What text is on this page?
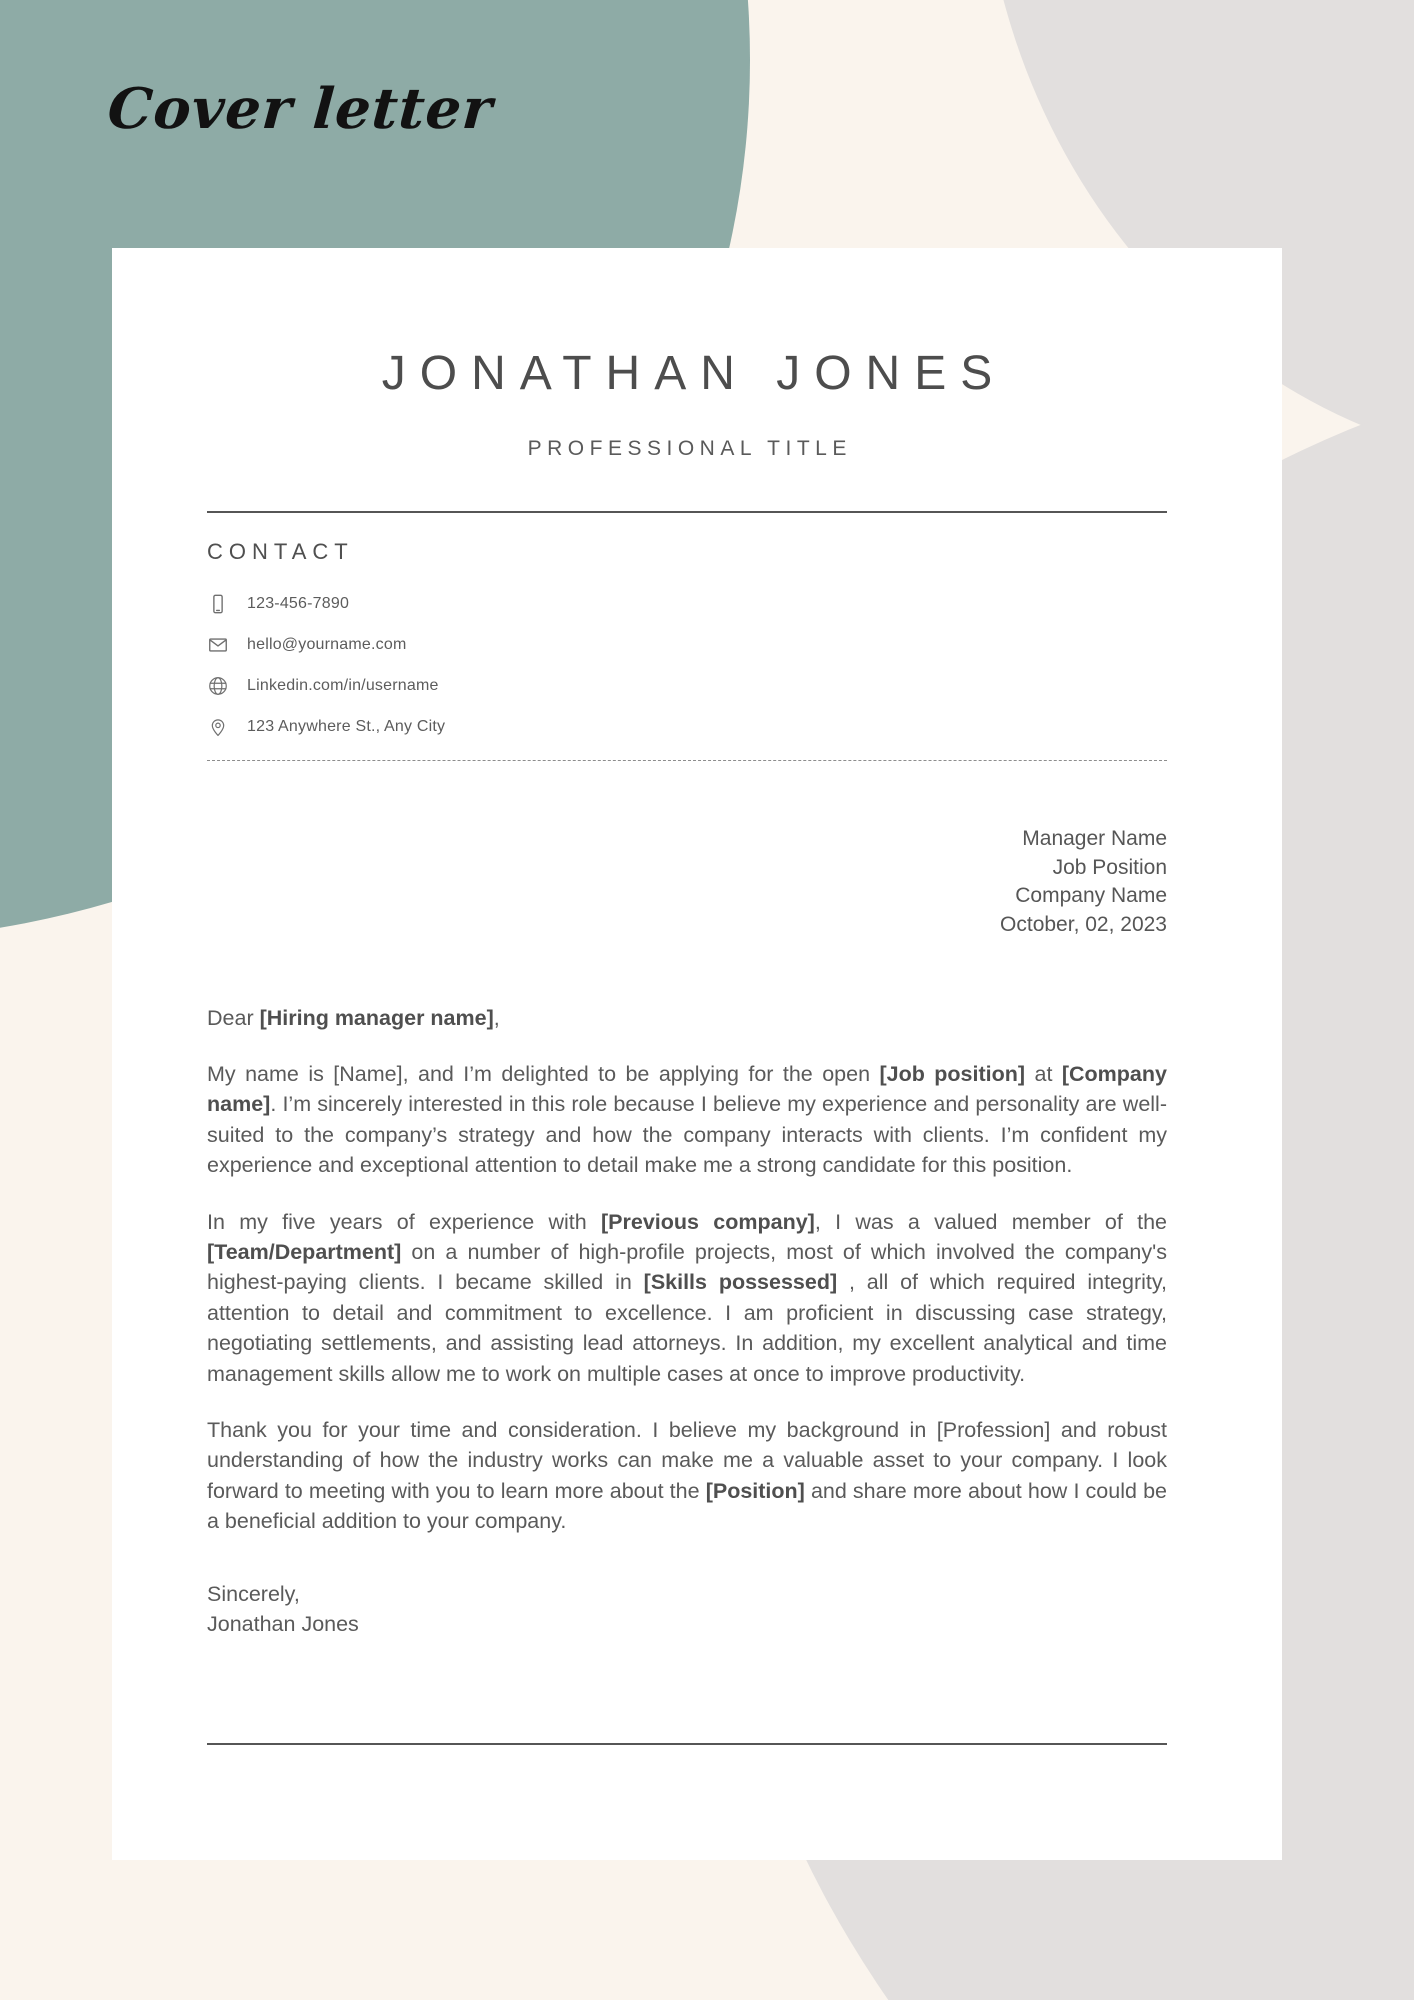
Cover letter
JONATHAN JONES
PROFESSIONAL TITLE
CONTACT
123-456-7890
hello@yourname.com
Linkedin.com/in/username
123 Anywhere St., Any City
Manager Name
Job Position
Company Name
October, 02, 2023
Dear [Hiring manager name],

My name is [Name], and I’m delighted to be applying for the open [Job position] at [Company name]. I’m sincerely interested in this role because I believe my experience and personality are well-suited to the company’s strategy and how the company interacts with clients. I’m confident my experience and exceptional attention to detail make me a strong candidate for this position.

In my five years of experience with [Previous company], I was a valued member of the [Team/Department] on a number of high-profile projects, most of which involved the company's highest-paying clients. I became skilled in [Skills possessed] , all of which required integrity, attention to detail and commitment to excellence. I am proficient in discussing case strategy, negotiating settlements, and assisting lead attorneys. In addition, my excellent analytical and time management skills allow me to work on multiple cases at once to improve productivity.

Thank you for your time and consideration. I believe my background in [Profession] and robust understanding of how the industry works can make me a valuable asset to your company. I look forward to meeting with you to learn more about the [Position] and share more about how I could be a beneficial addition to your company.

Sincerely,
Jonathan Jones
